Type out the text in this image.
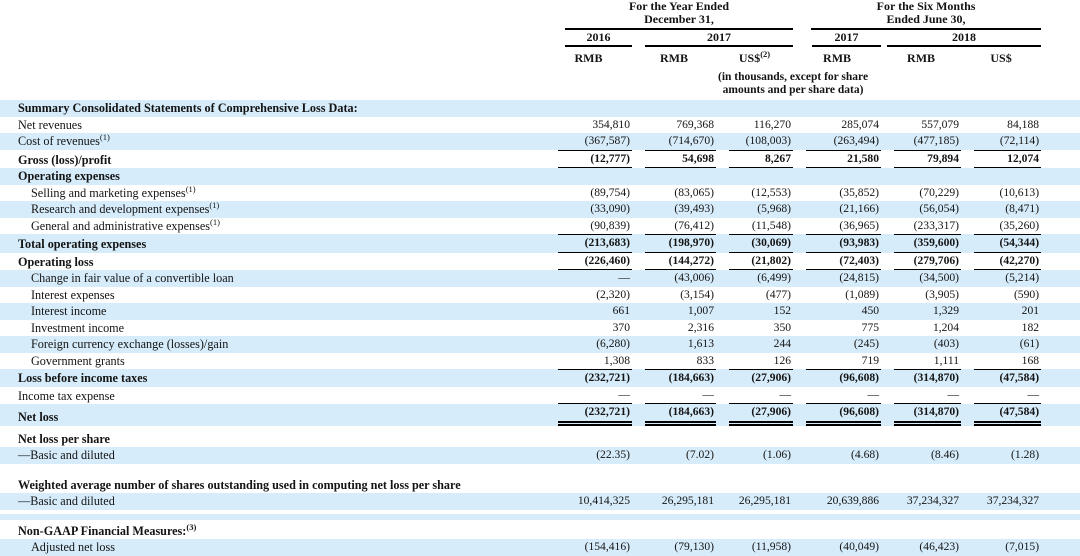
	For the Year Ended
December 31,			For the Six Months
Ended June 30,			

	2016	2017		2017	2018		

	RMB	RMB	US\$$^{(2)}$	RMB	RMB	US$	

	(in thousands, except for share
amounts and per share data)						

Summary Consolidated Statements of Comprehensive Loss Data:	

Net revenues	354,810	769,368	116,270	285,074	557,079	84,188	

Cost of revenues$^{(1)}$	(367,587)	(714,670)	(108,003)	(263,494)	(477,185)	(72,114)	

Gross (loss)/profit	(12,777)	54,698	8,267	21,580	79,894	12,074	

Operating expenses	

Selling and marketing expenses$^{(1)}$	(89,754)	(83,065)	(12,553)	(35,852)	(70,229)	(10,613)	

Research and development expenses$^{(1)}$	(33,090)	(39,493)	(5,968)	(21,166)	(56,054)	(8,471)	

General and administrative expenses$^{(1)}$	(90,839)	(76,412)	(11,548)	(36,965)	(233,317)	(35,260)	

Total operating expenses	(213,683)	(198,970)	(30,069)	(93,983)	(359,600)	(54,344)	

Operating loss	(226,460)	(144,272)	(21,802)	(72,403)	(279,706)	(42,270)	

Change in fair value of a convertible loan	—	(43,006)	(6,499)	(24,815)	(34,500)	(5,214)	

Interest expenses	(2,320)	(3,154)	(477)	(1,089)	(3,905)	(590)	

Interest income	661	1,007	152	450	1,329	201	

Investment income	370	2,316	350	775	1,204	182	

Foreign currency exchange (losses)/gain	(6,280)	1,613	244	(245)	(403)	(61)	

Government grants	1,308	833	126	719	1,111	168	

Loss before income taxes	(232,721)	(184,663)	(27,906)	(96,608)	(314,870)	(47,584)	

Income tax expense	—	—	—	—	—	—	

Net loss	(232,721)	(184,663)	(27,906)	(96,608)	(314,870)	(47,584)	

Net loss per share	

—Basic and diluted	(22.35)	(7.02)	(1.06)	(4.68)	(8.46)	(1.28)	

Weighted average number of shares outstanding used in computing net loss per share	

—Basic and diluted	10,414,325	26,295,181	26,295,181	20,639,886	37,234,327	37,234,327	

Non-GAAP Financial Measures:$^{(3)}$	

Adjusted net loss	(154,416)	(79,130)	(11,958)	(40,049)	(46,423)	(7,015)	
